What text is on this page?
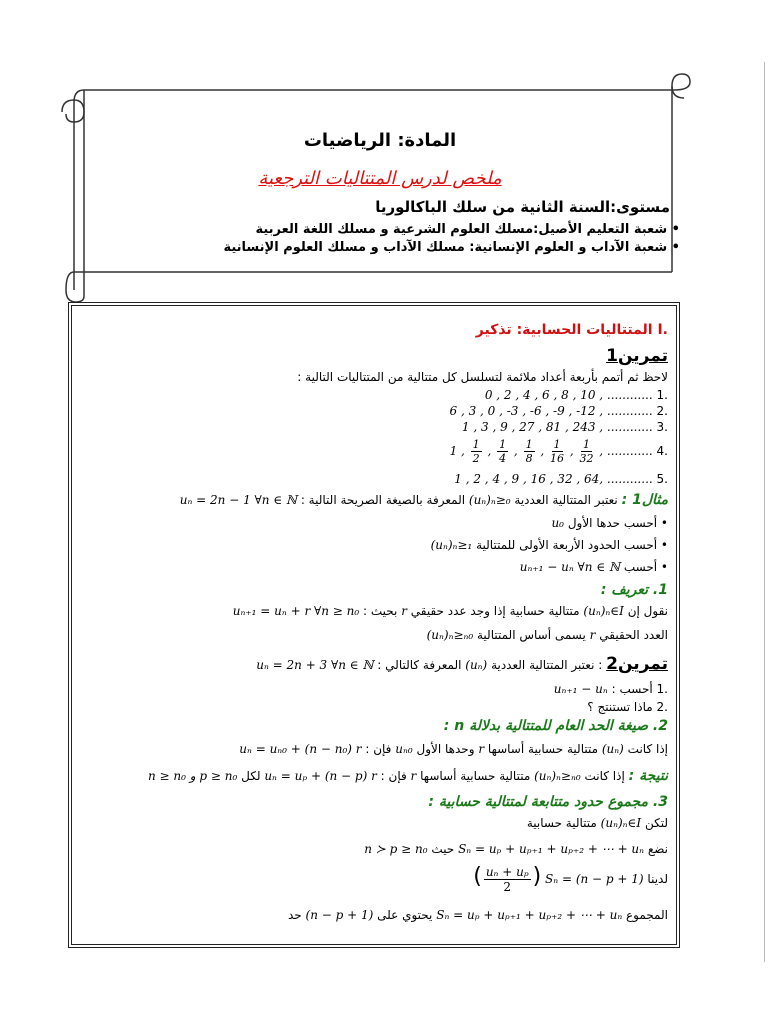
المادة: الرياضيات
ملخص لدرس المتتاليات الترجعية
مستوى:السنة الثانية من سلك الباكالوريا
• شعبة التعليم الأصيل:مسلك العلوم الشرعية و مسلك اللغة العربية
• شعبة الآداب و العلوم الإنسانية: مسلك الآداب و مسلك العلوم الإنسانية
.I المتتاليات الحسابية: تذكير
تمرين1
لاحظ ثم أتمم بأربعة أعداد ملائمة لتسلسل كل متتالية من المتتاليات التالية :
.1 0 , 2 , 4 , 6 , 8 , 10 , ............
.2 6 , 3 , 0 , -3 , -6 , -9 , -12 , ............
.3 1 , 3 , 9 , 27 , 81 , 243 , ............
.4 1 , $\frac{1}{2}$ , $\frac{1}{4}$ , $\frac{1}{8}$ , $\frac{1}{16}$ , $\frac{1}{32}$ , ............
.5 1 , 2 , 4 , 9 , 16 , 32 , 64, ............
مثال1 : نعتبر المتتالية العددية (uₙ)ₙ≥₀ المعرفة بالصيغة الصريحة التالية : uₙ = 2n − 1 ∀n ∈ ℕ
• أحسب حدها الأول u₀
• أحسب الحدود الأربعة الأولى للمتتالية (uₙ)ₙ≥₁
• أحسب uₙ₊₁ − uₙ ∀n ∈ ℕ
1. تعريف :
نقول إن (uₙ)ₙ∈I متتالية حسابية إذا وجد عدد حقيقي r بحيث : uₙ₊₁ = uₙ + r ∀n ≥ n₀
العدد الحقيقي r يسمى أساس المتتالية (uₙ)ₙ≥ₙ₀
تمرين2 : نعتبر المتتالية العددية (uₙ) المعرفة كالتالي : uₙ = 2n + 3 ∀n ∈ ℕ
.1 أحسب : uₙ₊₁ − uₙ
.2 ماذا تستنتج ؟
2. صيغة الحد العام للمتتالية بدلالة n :
إذا كانت (uₙ) متتالية حسابية أساسها r وحدها الأول uₙ₀ فإن : uₙ = uₙ₀ + (n − n₀) r
نتيجة : إذا كانت (uₙ)ₙ≥ₙ₀ متتالية حسابية أساسها r فإن : uₙ = uₚ + (n − p) r لكل n ≥ n₀ و p ≥ n₀
3. مجموع حدود متتابعة لمتتالية حسابية :
لتكن (uₙ)ₙ∈I متتالية حسابية
نضع Sₙ = uₚ + uₚ₊₁ + uₚ₊₂ + ⋯ + uₙ حيث n ≻ p ≥ n₀
لدينا Sₙ = (n − p + 1) (
$\frac{\text{uₙ + uₚ}}{2}$
)
المجموع Sₙ = uₚ + uₚ₊₁ + uₚ₊₂ + ⋯ + uₙ يحتوي على (n − p + 1) حد
